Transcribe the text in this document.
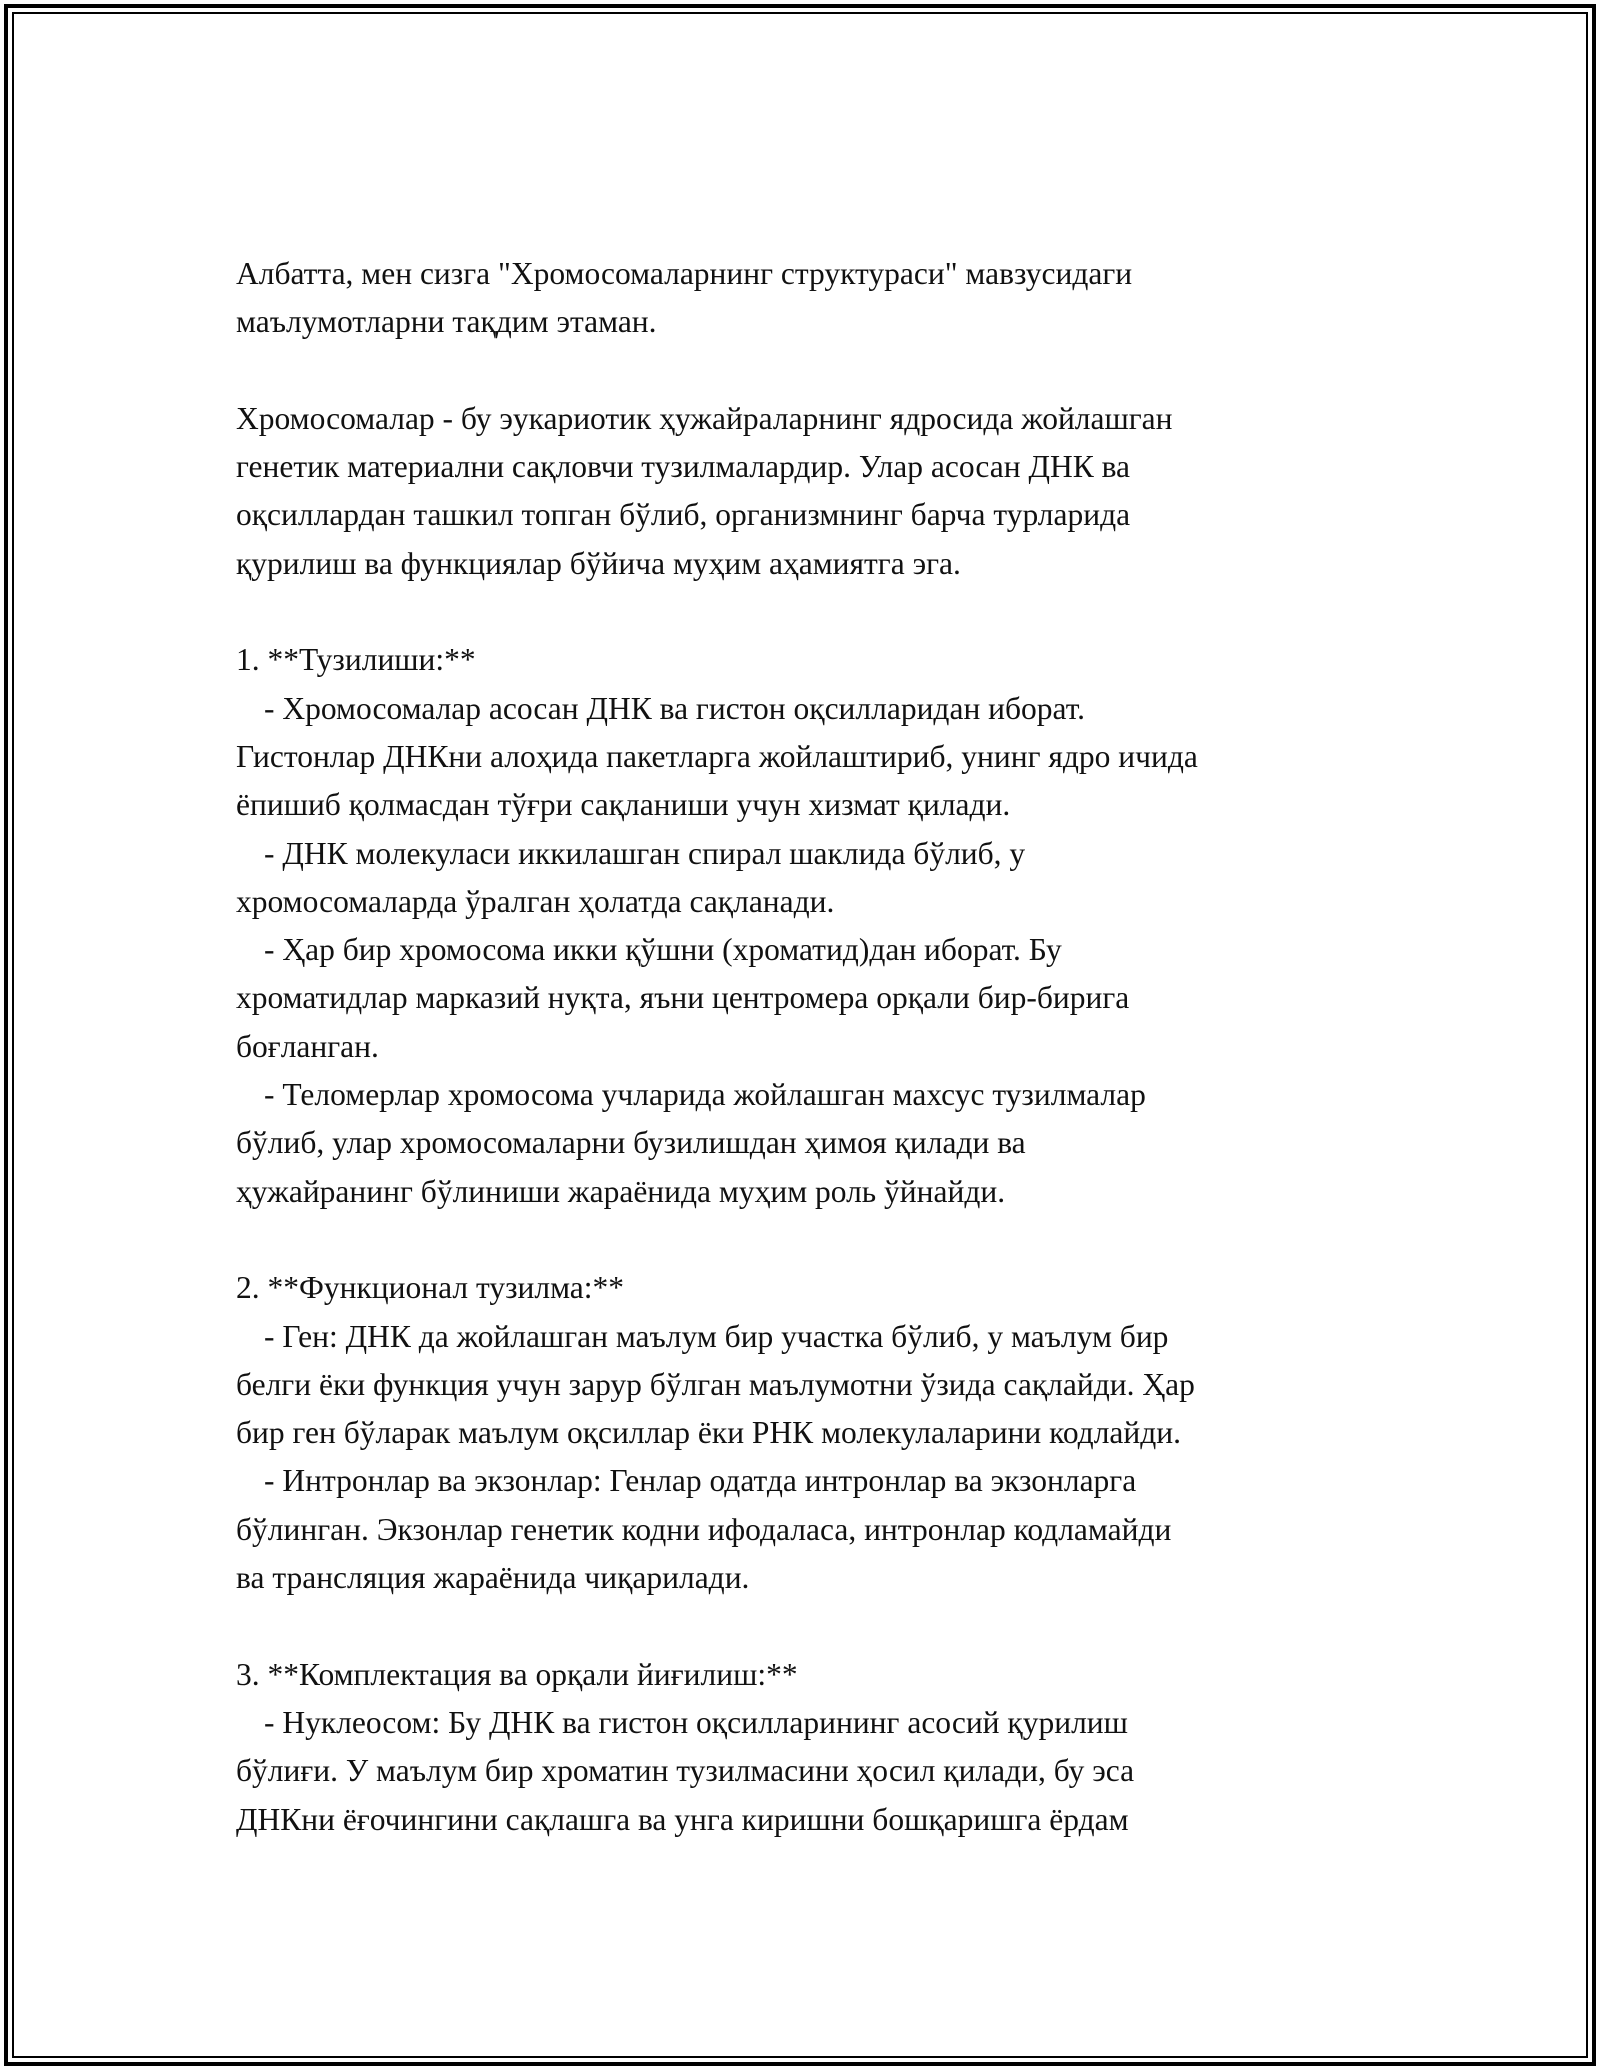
Албатта, мен сизга "Хромосомаларнинг структураси" мавзусидаги
маълумотларни тақдим этаман.

Хромосомалар - бу эукариотик ҳужайраларнинг ядросида жойлашган
генетик материални сақловчи тузилмалардир. Улар асосан ДНК ва
оқсиллардан ташкил топган бўлиб, организмнинг барча турларида
қурилиш ва функциялар бўйича муҳим аҳамиятга эга.

1. **Тузилиши:**

- Хромосомалар асосан ДНК ва гистон оқсилларидан иборат.
Гистонлар ДНКни алоҳида пакетларга жойлаштириб, унинг ядро ичида
ёпишиб қолмасдан тўғри сақланиши учун хизмат қилади.

- ДНК молекуласи иккилашган спирал шаклида бўлиб, у
хромосомаларда ўралган ҳолатда сақланади.

- Ҳар бир хромосома икки қўшни (хроматид)дан иборат. Бу
хроматидлар марказий нуқта, яъни центромера орқали бир-бирига
боғланган.

- Теломерлар хромосома учларида жойлашган махсус тузилмалар
бўлиб, улар хромосомаларни бузилишдан ҳимоя қилади ва
ҳужайранинг бўлиниши жараёнида муҳим роль ўйнайди.

2. **Функционал тузилма:**

- Ген: ДНК да жойлашган маълум бир участка бўлиб, у маълум бир
белги ёки функция учун зарур бўлган маълумотни ўзида сақлайди. Ҳар
бир ген бўларак маълум оқсиллар ёки РНК молекулаларини кодлайди.

- Интронлар ва экзонлар: Генлар одатда интронлар ва экзонларга
бўлинган. Экзонлар генетик кодни ифодаласа, интронлар кодламайди
ва трансляция жараёнида чиқарилади.

3. **Комплектация ва орқали йиғилиш:**

- Нуклеосом: Бу ДНК ва гистон оқсилларининг асосий қурилиш
бўлиғи. У маълум бир хроматин тузилмасини ҳосил қилади, бу эса
ДНКни ёғочингини сақлашга ва унга киришни бошқаришга ёрдам
